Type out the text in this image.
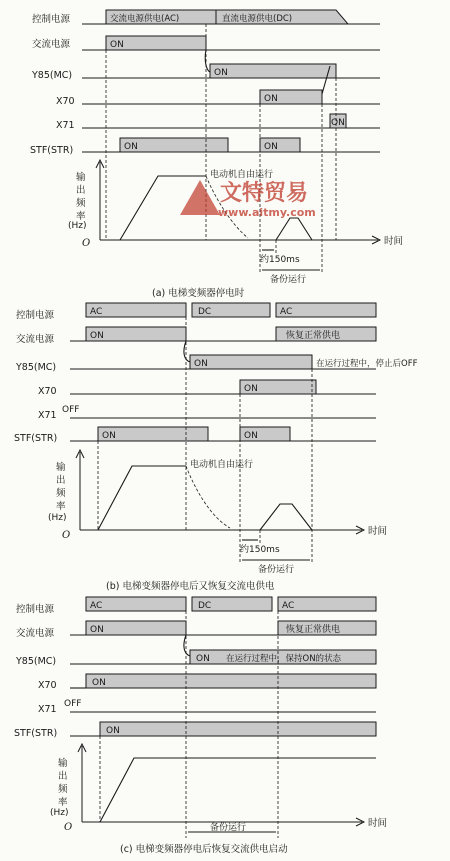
控制电源
交流电源
Y85(MC)
X70
X71
STF(STR)
交流电源供电(AC)	直流电源供电(DC)
ON
ON
ON
ON
ON	ON
输
出
频
率
(Hz)
O	时间
电动机自由运行
约150ms
备份运行
文特贸易
www.aitmy.com
(a) 电梯变频器停电时
控制电源
交流电源
Y85(MC)
X70
X71
STF(STR)
AC	DC	AC
ON	恢复正常供电
ON	在运行过程中，停止后OFF
ON
OFF
ON	ON
输
出
频
率
(Hz)
O	时间
电动机自由运行
约150ms
备份运行
(b) 电梯变频器停电后又恢复交流电供电
控制电源
交流电源
Y85(MC)
X70
X71
STF(STR)
AC	DC	AC
ON	恢复正常供电
ON 在运行过程中，保持ON的状态
ON
OFF
ON
输
出
频
率
(Hz)
O	时间
备份运行
(c) 电梯变频器停电后恢复交流供电启动
